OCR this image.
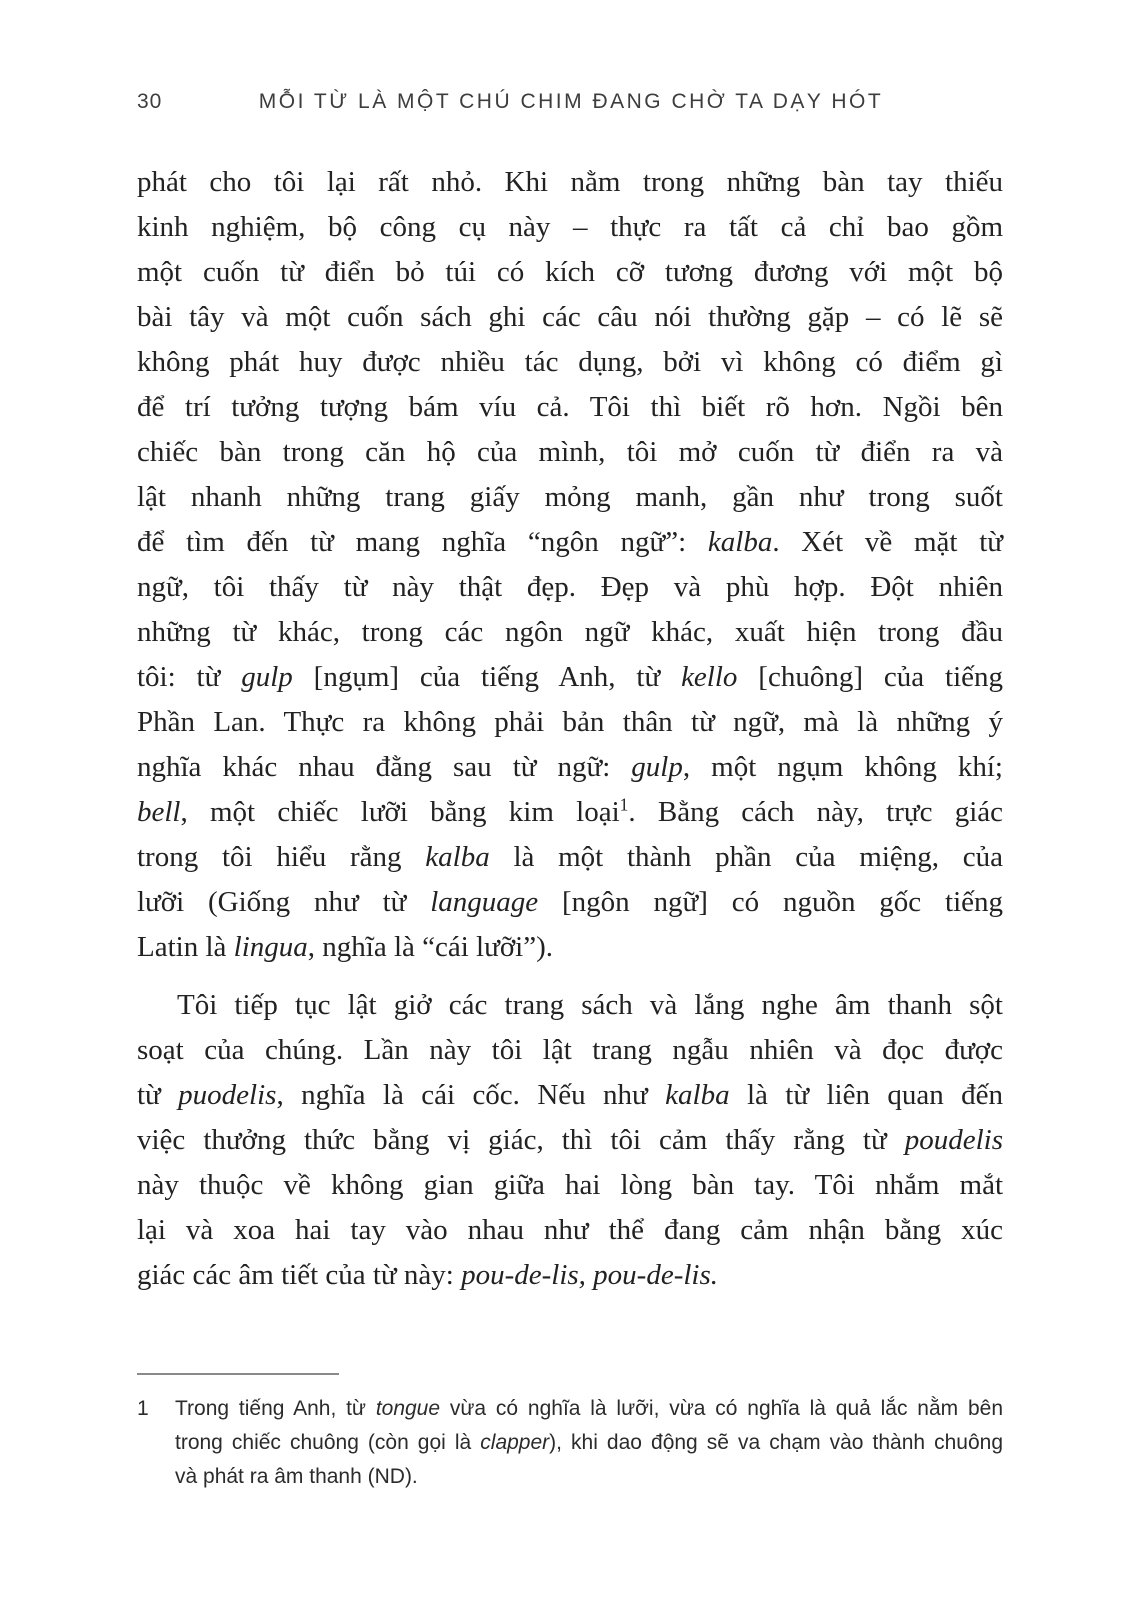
30	MỖI TỪ LÀ MỘT CHÚ CHIM ĐANG CHỜ TA DẠY HÓT
phát cho tôi lại rất nhỏ. Khi nằm trong những bàn tay thiếu
kinh nghiệm, bộ công cụ này – thực ra tất cả chỉ bao gồm
một cuốn từ điển bỏ túi có kích cỡ tương đương với một bộ
bài tây và một cuốn sách ghi các câu nói thường gặp – có lẽ sẽ
không phát huy được nhiều tác dụng, bởi vì không có điểm gì
để trí tưởng tượng bám víu cả. Tôi thì biết rõ hơn. Ngồi bên
chiếc bàn trong căn hộ của mình, tôi mở cuốn từ điển ra và
lật nhanh những trang giấy mỏng manh, gần như trong suốt
để tìm đến từ mang nghĩa “ngôn ngữ”: kalba. Xét về mặt từ
ngữ, tôi thấy từ này thật đẹp. Đẹp và phù hợp. Đột nhiên
những từ khác, trong các ngôn ngữ khác, xuất hiện trong đầu
tôi: từ gulp [ngụm] của tiếng Anh, từ kello [chuông] của tiếng
Phần Lan. Thực ra không phải bản thân từ ngữ, mà là những ý
nghĩa khác nhau đằng sau từ ngữ: gulp, một ngụm không khí;
bell, một chiếc lưỡi bằng kim loại$^1$. Bằng cách này, trực giác
trong tôi hiểu rằng kalba là một thành phần của miệng, của
lưỡi (Giống như từ language [ngôn ngữ] có nguồn gốc tiếng
Latin là lingua, nghĩa là “cái lưỡi”).
Tôi tiếp tục lật giở các trang sách và lắng nghe âm thanh sột
soạt của chúng. Lần này tôi lật trang ngẫu nhiên và đọc được
từ puodelis, nghĩa là cái cốc. Nếu như kalba là từ liên quan đến
việc thưởng thức bằng vị giác, thì tôi cảm thấy rằng từ poudelis
này thuộc về không gian giữa hai lòng bàn tay. Tôi nhắm mắt
lại và xoa hai tay vào nhau như thể đang cảm nhận bằng xúc
giác các âm tiết của từ này: pou-de-lis, pou-de-lis.
1	Trong tiếng Anh, từ tongue vừa có nghĩa là lưỡi, vừa có nghĩa là quả lắc nằm bên
trong chiếc chuông (còn gọi là clapper), khi dao động sẽ va chạm vào thành chuông
và phát ra âm thanh (ND).
